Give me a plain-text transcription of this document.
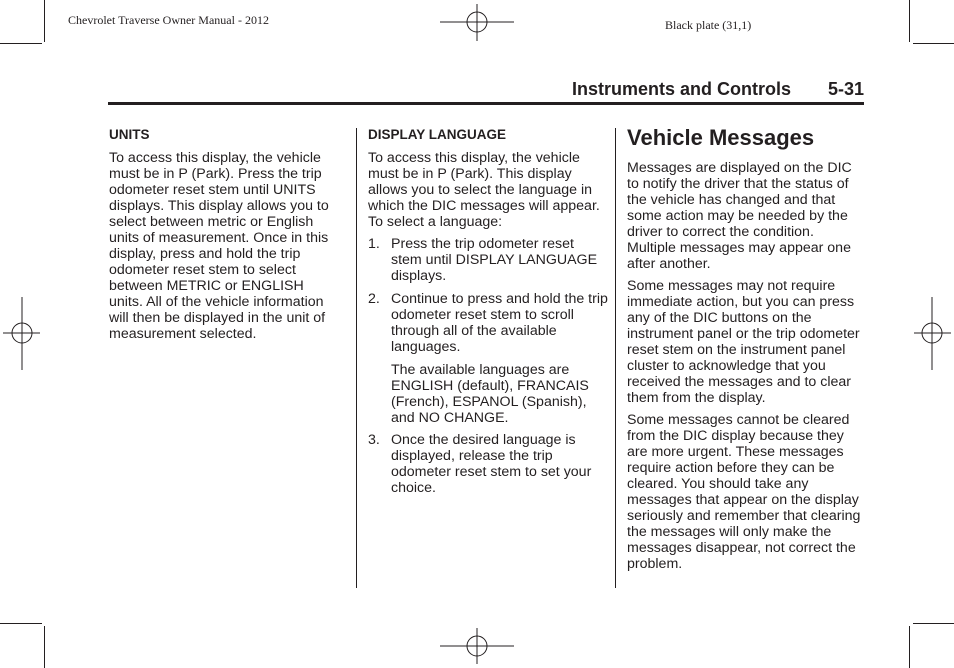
Chevrolet Traverse Owner Manual - 2012	Black plate (31,1)
Instruments and Controls 5-31
UNITS

To access this display, the vehicle must be in P (Park). Press the trip odometer reset stem until UNITS displays. This display allows you to select between metric or English units of measurement. Once in this display, press and hold the trip odometer reset stem to select between METRIC or ENGLISH units. All of the vehicle information will then be displayed in the unit of measurement selected.

DISPLAY LANGUAGE

To access this display, the vehicle must be in P (Park). This display allows you to select the language in which the DIC messages will appear. To select a language:

1. Press the trip odometer reset stem until DISPLAY LANGUAGE displays.
2. Continue to press and hold the trip odometer reset stem to scroll through all of the available languages.

The available languages are ENGLISH (default), FRANCAIS (French), ESPANOL (Spanish), and NO CHANGE.

3. Once the desired language is displayed, release the trip odometer reset stem to set your choice.
Vehicle Messages

Messages are displayed on the DIC to notify the driver that the status of the vehicle has changed and that some action may be needed by the driver to correct the condition. Multiple messages may appear one after another.

Some messages may not require immediate action, but you can press any of the DIC buttons on the instrument panel or the trip odometer reset stem on the instrument panel cluster to acknowledge that you received the messages and to clear them from the display.

Some messages cannot be cleared from the DIC display because they are more urgent. These messages require action before they can be cleared. You should take any messages that appear on the display seriously and remember that clearing the messages will only make the messages disappear, not correct the problem.
